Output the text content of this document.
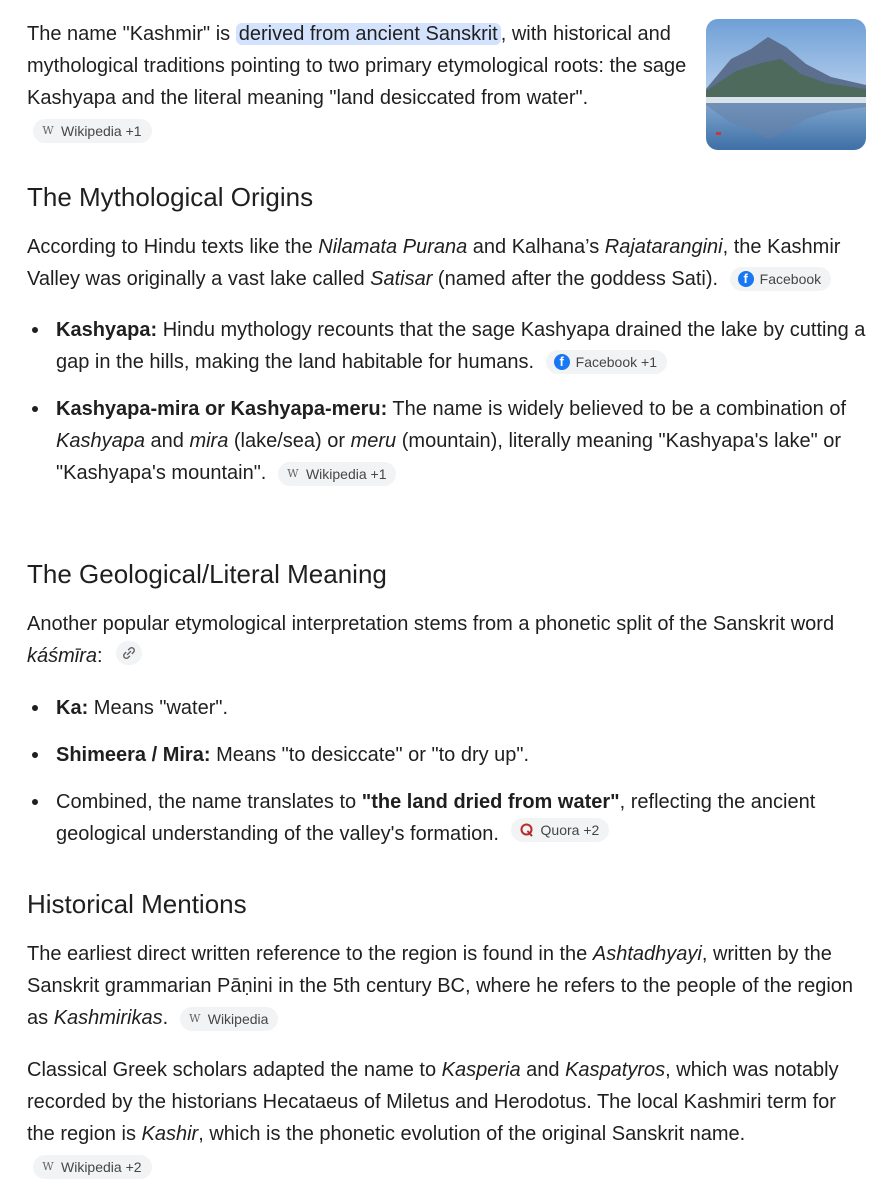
The name "Kashmir" is derived from ancient Sanskrit , with historical and mythological traditions pointing to two primary etymological roots: the sage Kashyapa and the literal meaning "land desiccated from water".
W Wikipedia +1
The Mythological Origins

According to Hindu texts like the Nilamata Purana and Kalhana’s Rajatarangini, the Kashmir Valley was originally a vast lake called Satisar (named after the goddess Sati).	f Facebook

Kashyapa: Hindu mythology recounts that the sage Kashyapa drained the lake by cutting a gap in the hills, making the land habitable for humans.	f Facebook +1
Kashyapa-mira or Kashyapa-meru: The name is widely believed to be a combination of Kashyapa and mira (lake/sea) or meru (mountain), literally meaning "Kashyapa's lake" or "Kashyapa's mountain". W Wikipedia +1
The Geological/Literal Meaning

Another popular etymological interpretation stems from a phonetic split of the Sanskrit word káśmīra:

Ka: Means "water".
Shimeera / Mira: Means "to desiccate" or "to dry up".
Combined, the name translates to "the land dried from water", reflecting the ancient geological understanding of the valley's formation.	Quora +2
Historical Mentions

The earliest direct written reference to the region is found in the Ashtadhyayi, written by the Sanskrit grammarian Pāṇini in the 5th century BC, where he refers to the people of the region as Kashmirikas. W Wikipedia

Classical Greek scholars adapted the name to Kasperia and Kaspatyros, which was notably recorded by the historians Hecataeus of Miletus and Herodotus. The local Kashmiri term for the region is Kashir, which is the phonetic evolution of the original Sanskrit name.
W Wikipedia +2
